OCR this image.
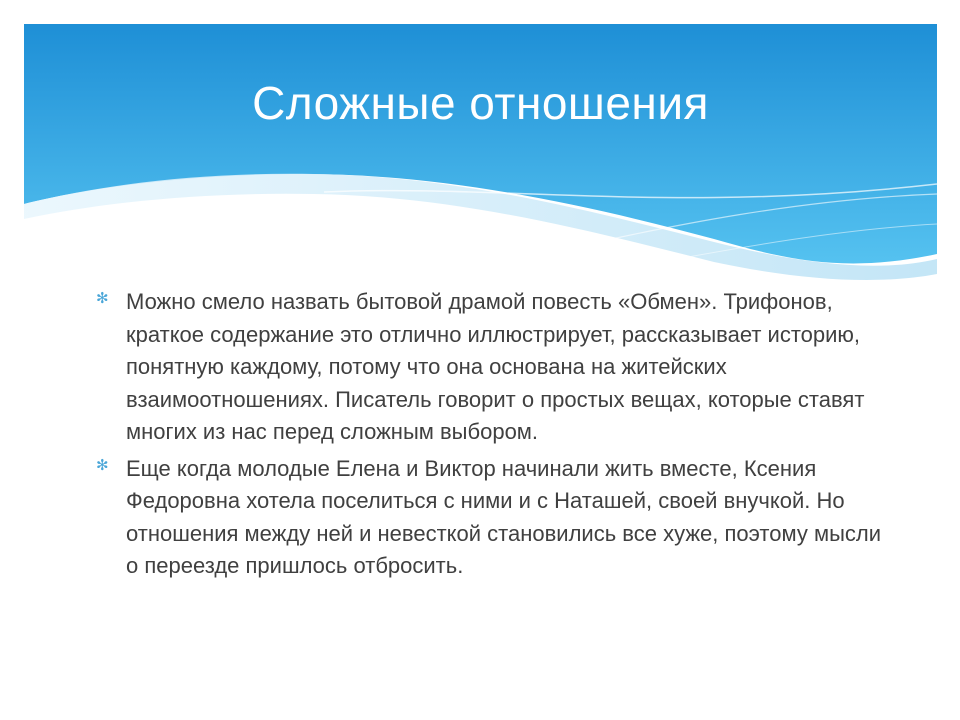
Сложные отношения
✻ Можно смело назвать бытовой драмой повесть «Обмен». Трифонов, краткое содержание это отлично иллюстрирует, рассказывает историю, понятную каждому, потому что она основана на житейских взаимоотношениях. Писатель говорит о простых вещах, которые ставят многих из нас перед сложным выбором.
✻ Еще когда молодые Елена и Виктор начинали жить вместе, Ксения Федоровна хотела поселиться с ними и с Наташей, своей внучкой. Но отношения между ней и невесткой становились все хуже, поэтому мысли о переезде пришлось отбросить.
